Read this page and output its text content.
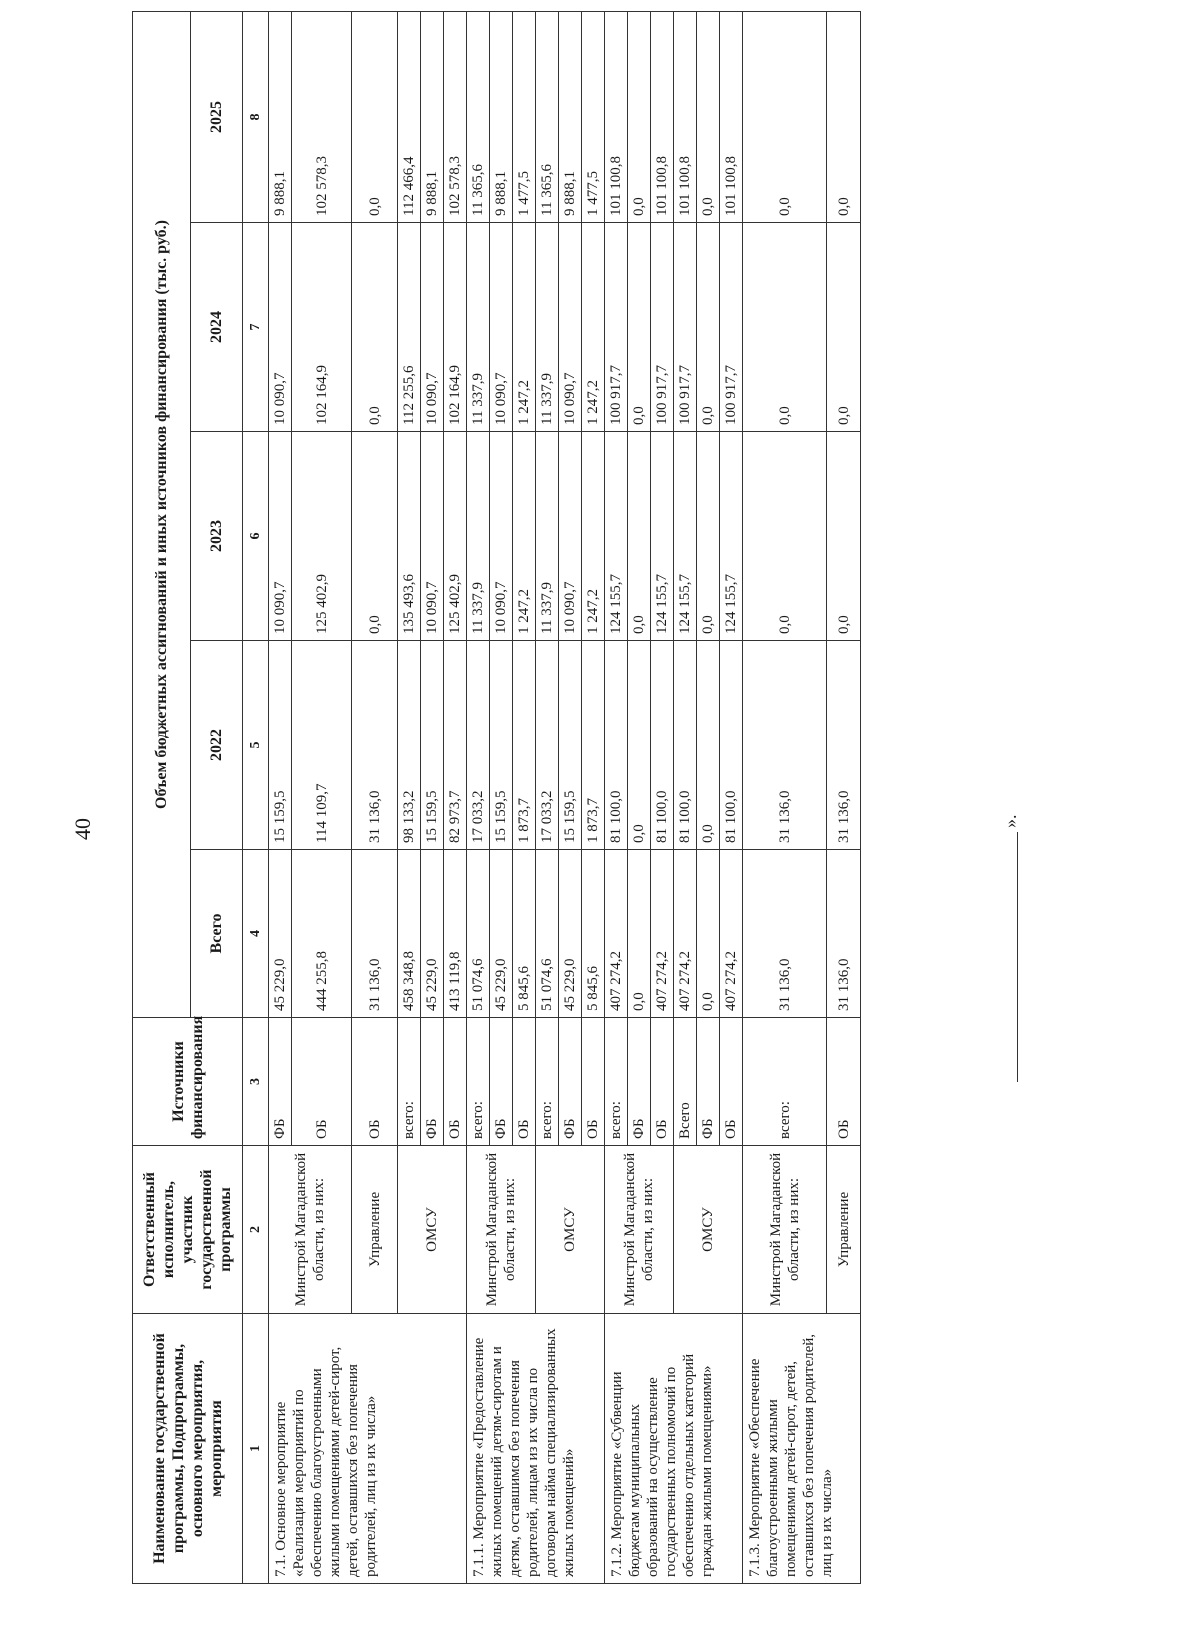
40
Наименование государственной программы, Подпрограммы, основного мероприятия, мероприятия	Ответственный исполнитель, участник государственной программы	Источники финансирования	Объем бюджетных ассигнований и иных источников финансирования (тыс. руб.)				
			Всего	2022	2023	2024	2025
1	2	3	4	5	6	7	8
7.1. Основное мероприятие «Реализация мероприятий по обеспечению благоустроенными жилыми помещениями детей-сирот, детей, оставшихся без попечения родителей, лиц из их числа»	Минстрой Магаданской области, из них:	ФБ	45 229,0	15 159,5	10 090,7	10 090,7	9 888,1
		ОБ	444 255,8	114 109,7	125 402,9	102 164,9	102 578,3
	Управление	ОБ	31 136,0	31 136,0	0,0	0,0	0,0
	ОМСУ	всего:	458 348,8	98 133,2	135 493,6	112 255,6	112 466,4
		ФБ	45 229,0	15 159,5	10 090,7	10 090,7	9 888,1
		ОБ	413 119,8	82 973,7	125 402,9	102 164,9	102 578,3
7.1.1. Мероприятие «Предоставление жилых помещений детям-сиротам и детям, оставшимся без попечения родителей, лицам из их числа по договорам найма специализированных жилых помещений»	Минстрой Магаданской области, из них:	всего:	51 074,6	17 033,2	11 337,9	11 337,9	11 365,6
		ФБ	45 229,0	15 159,5	10 090,7	10 090,7	9 888,1
		ОБ	5 845,6	1 873,7	1 247,2	1 247,2	1 477,5
	ОМСУ	всего:	51 074,6	17 033,2	11 337,9	11 337,9	11 365,6
		ФБ	45 229,0	15 159,5	10 090,7	10 090,7	9 888,1
		ОБ	5 845,6	1 873,7	1 247,2	1 247,2	1 477,5
7.1.2. Мероприятие «Субвенции бюджетам муниципальных образований на осуществление государственных полномочий по обеспечению отдельных категорий граждан жилыми помещениями»	Минстрой Магаданской области, из них:	всего:	407 274,2	81 100,0	124 155,7	100 917,7	101 100,8
		ФБ	0,0	0,0	0,0	0,0	0,0
		ОБ	407 274,2	81 100,0	124 155,7	100 917,7	101 100,8
	ОМСУ	Всего	407 274,2	81 100,0	124 155,7	100 917,7	101 100,8
		ФБ	0,0	0,0	0,0	0,0	0,0
		ОБ	407 274,2	81 100,0	124 155,7	100 917,7	101 100,8
7.1.3. Мероприятие «Обеспечение благоустроенными жилыми помещениями детей-сирот, детей, оставшихся без попечения родителей, лиц из их числа»	Минстрой Магаданской области, из них:	всего:	31 136,0	31 136,0	0,0	0,0	0,0
	Управление	ОБ	31 136,0	31 136,0	0,0	0,0	0,0
».
